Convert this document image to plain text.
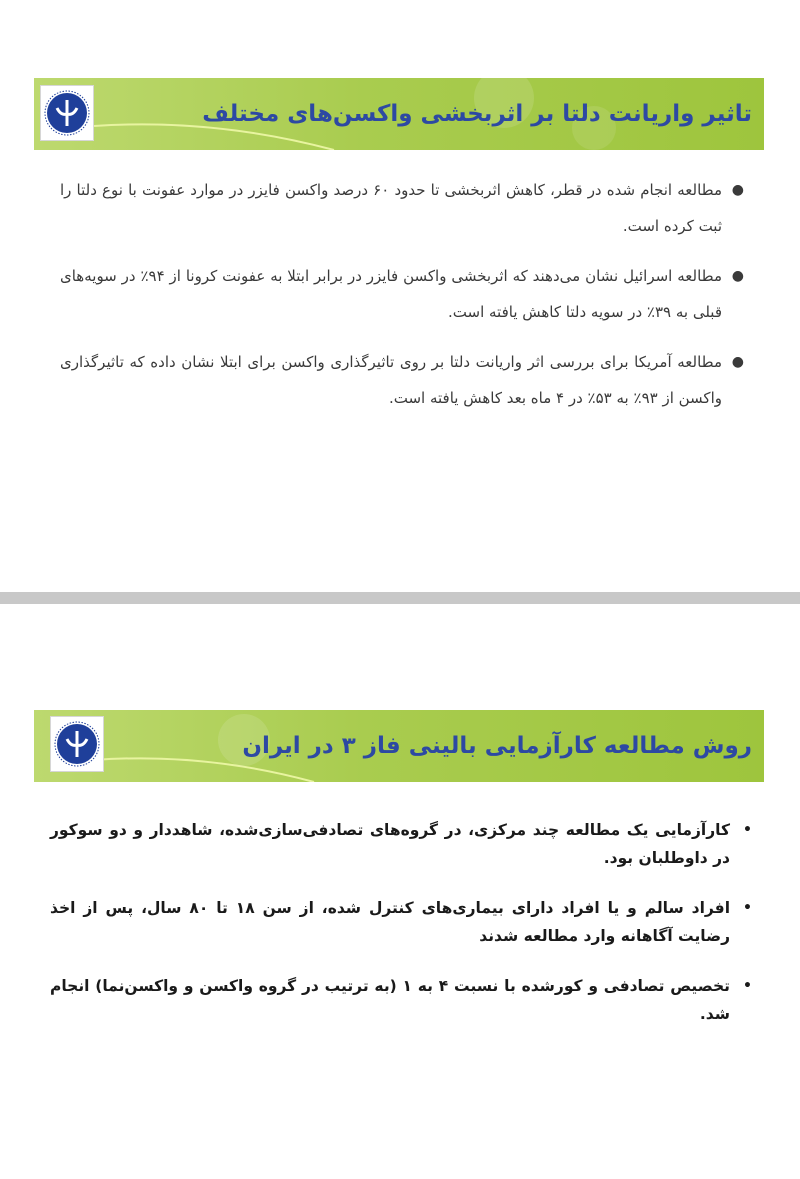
تاثیر واریانت دلتا بر اثربخشی واکسن‌های مختلف
●
مطالعه انجام شده در قطر، کاهش اثربخشی تا حدود ۶۰ درصد واکسن فایزر در موارد عفونت با نوع دلتا را ثبت کرده است.
●
مطالعه اسرائیل نشان می‌دهند که اثربخشی واکسن فایزر در برابر ابتلا به عفونت کرونا از ۹۴٪ در سویه‌های قبلی به ۳۹٪ در سویه دلتا کاهش یافته است.
●
مطالعه آمریکا برای بررسی اثر واریانت دلتا بر روی تاثیرگذاری واکسن برای ابتلا نشان داده که تاثیرگذاری واکسن از ۹۳٪ به ۵۳٪ در ۴ ماه بعد کاهش یافته است.
روش مطالعه کارآزمایی بالینی فاز ۳ در ایران
•
کارآزمایی یک مطالعه چند مرکزی، در گروه‌های تصادفی‌سازی‌شده، شاهددار و دو سوکور در داوطلبان بود.
•
افراد سالم و یا افراد دارای بیماری‌های کنترل شده، از سن ۱۸ تا ۸۰ سال، پس از اخذ رضایت آگاهانه وارد مطالعه شدند
•
تخصیص تصادفی و کورشده با نسبت ۴ به ۱ (به ترتیب در گروه واکسن و واکسن‌نما) انجام شد.
